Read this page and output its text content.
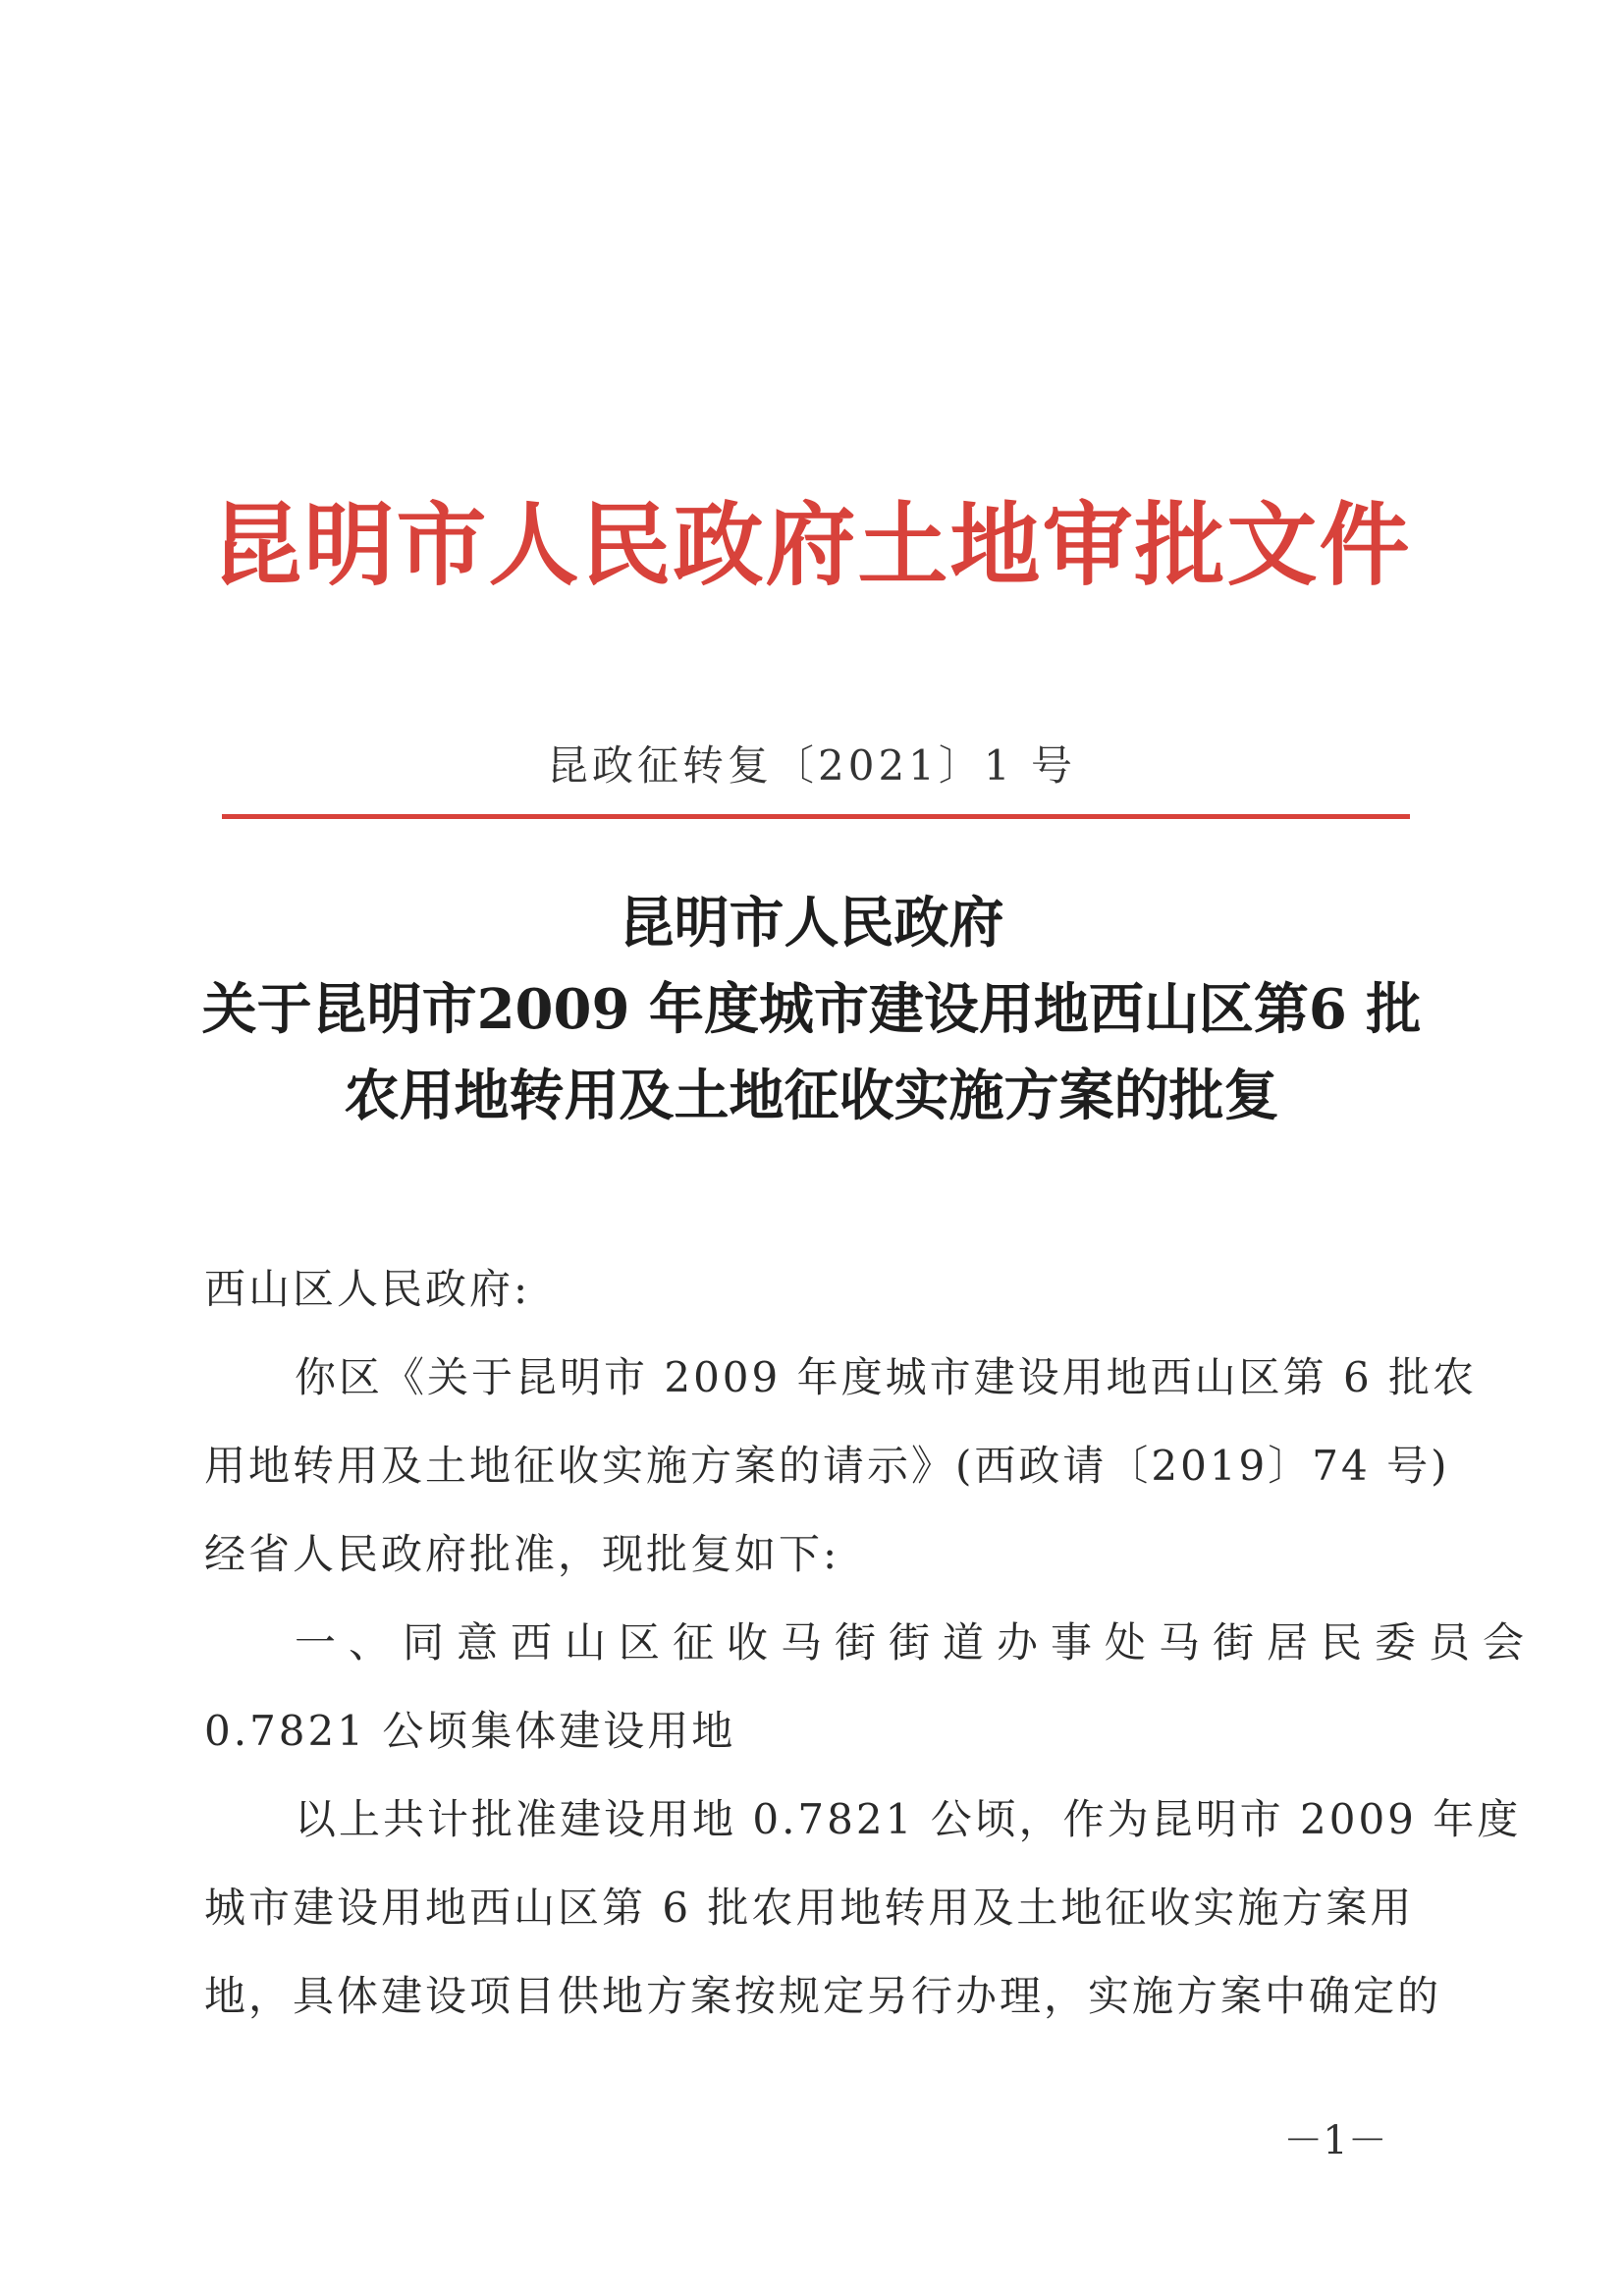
昆明市人民政府土地审批文件
昆政征转复〔2021〕1 号
昆明市人民政府
关于昆明市2009 年度城市建设用地西山区第6 批
农用地转用及土地征收实施方案的批复
西山区人民政府:
你区《关于昆明市 2009 年度城市建设用地西山区第 6 批农
用地转用及土地征收实施方案的请示》(西政请〔2019〕74 号)
经省人民政府批准，现批复如下:
一、同意西山区征收马街街道办事处马街居民委员会
0.7821 公顷集体建设用地
以上共计批准建设用地 0.7821 公顷，作为昆明市 2009 年度
城市建设用地西山区第 6 批农用地转用及土地征收实施方案用
地，具体建设项目供地方案按规定另行办理，实施方案中确定的
－1－
